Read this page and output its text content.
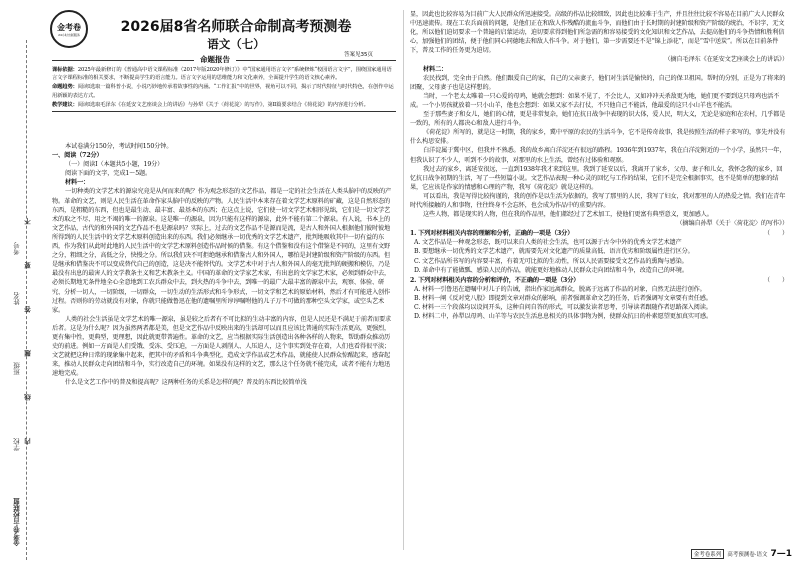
考号
姓名
班级
学校
金考卷·百校联盟
不
要
答
题
线
内
金考卷
24小时出版服务	2026届8省名师联合命制高考预测卷
语文（七）
答案见35页
命题报告
课标依据：2025年最新修订的《普通高中语文课程标准（2017年版2020年修订）》中“国家通用语言文字”系统修炼“校园语言文字”，围绕国家通用语言文字课程标准的相关要求，不断提高学生的语言能力。语言文字运用的思维能力和文化素养，全面提升学生的语文核心素养。
命题趋势：阅读Ⅰ选取一篇科普小说，小说巧妙地传承着故事性的内涵。“工作汇报”中的世界，视角可以不同，揭示了时代特征与时代特色，在创作中运用新颖的表达方式。
教学建议：阅读Ⅰ选取毛泽东《在延安文艺座谈会上的讲话》与孙犁《关于〈荷花淀〉的写作》，第Ⅱ篇要求结合《荷花淀》的内容进行分析。

本试卷满分150分，考试时间150分钟。

一、阅读（72分）

（一）阅读Ⅰ（本题共5小题，19分）

阅读下面的文字，完成1～5题。

材料一：

一切种类的文学艺术的源泉究竟是从何而来的呢？作为观念形态的文艺作品，都是一定的社会生活在人类头脑中的反映的产物。革命的文艺，则是人民生活在革命作家头脑中的反映的产物。人民生活中本来存在着文学艺术原料的矿藏，这是自然形态的东西，是粗糙的东西，但也是最生动、最丰富、最基本的东西；在这点上说，它们使一切文学艺术相形见绌，它们是一切文学艺术的取之不尽、用之不竭的唯一的源泉。这是唯一的源泉，因为只能有这样的源泉，此外不能有第二个源泉。有人说，书本上的文艺作品，古代的和外国的文艺作品不也是源泉吗？实际上，过去的文艺作品不是源而是流，是古人和外国人根据他们彼时彼地所得到的人民生活中的文学艺术原料创造出来的东西。我们必须继承一切优秀的文学艺术遗产，批判地吸收其中一切有益的东西，作为我们从此时此地的人民生活中的文学艺术原料创造作品时候的借鉴。有这个借鉴和没有这个借鉴是不同的，这里有文野之分，粗细之分，高低之分，快慢之分。所以我们决不可拒绝继承和借鉴古人和外国人，哪怕是封建阶级和资产阶级的东西。但是继承和借鉴决不可以变成替代自己的创造，这是决不能替代的。文学艺术中对于古人和外国人的毫无批判的硬搬和模仿，乃是最没有出息的最害人的文学教条主义和艺术教条主义。中国的革命的文学家艺术家，有出息的文学家艺术家，必须到群众中去，必须长期地无条件地全心全意地到工农兵群众中去，到火热的斗争中去，到唯一的最广大最丰富的源泉中去，观察、体验、研究、分析一切人，一切阶级，一切群众，一切生动的生活形式和斗争形式，一切文学和艺术的原始材料，然后才有可能进入创作过程。否则你的劳动就没有对象，你就只能做鲁迅在他的遗嘱里所谆谆嘱咐他的儿子万不可做的那种空头文学家，或空头艺术家。

人类的社会生活虽是文学艺术的唯一源泉，虽是较之后者有不可比拟的生动丰富的内容，但是人民还是不满足于前者而要求后者。这是为什么呢？因为虽然两者都是美，但是文艺作品中反映出来的生活却可以而且应该比普通的实际生活更高，更强烈，更有集中性，更典型，更理想，因此就更带普遍性。革命的文艺，应当根据实际生活创造出各种各样的人物来，帮助群众推动历史的前进。例如一方面是人们受饿、受冻、受压迫，一方面是人剥削人、人压迫人，这个事实到处存在着，人们也看得很平淡；文艺就把这种日常的现象集中起来，把其中的矛盾和斗争典型化，造成文学作品或艺术作品，就能使人民群众惊醒起来，感奋起来，推动人民群众走向团结和斗争，实行改造自己的环境。如果没有这样的文艺，那么这个任务就不能完成，或者不能有力地迅速地完成。

什么是文艺工作中的普及和提高呢？这两种任务的关系是怎样的呢？普及的东西比较简单浅

显，因此也比较容易为目前广大人民群众所迅速接受。高级的作品比较细致，因此也比较难于生产，并且往往比较不容易在目前广大人民群众中迅速流传。现在工农兵面前的问题，是他们正在和敌人作残酷的流血斗争，而他们由于长时期的封建阶级和资产阶级的统治，不识字，无文化，所以他们迫切要求一个普遍的启蒙运动，迫切要求得到他们所急需的和容易接受的文化知识和文艺作品，去提高他们的斗争热情和胜利信心，加强他们的团结，便于他们同心同德地去和敌人作斗争。对于他们，第一步需要还不是“锦上添花”，而是“雪中送炭”。所以在目前条件下，普及工作的任务更为迫切。

（摘自毛泽东《在延安文艺座谈会上的讲话》）

材料二：

农民找到，完全由于自然。他们跟爱自己的家，自己的父亲妻子，他们对生活是愉快的，自己的保卫祖国。帮时的分别，正是为了将来的团聚，父母妻子也是这样想的。

当时，一个老太太唯着一只心爱的母鸡，她就会想到：如果不见了，不会比人，又如冲冲天杀敌更为地，她们更不要到这只母鸡也活不成。一个小男孩就放着一只小山羊，他也会想到：如果又家不去打仗，不只他自己不能活，他最爱的这只小山羊也不能活。

至于那些妻子和女儿，她们的心情，更是非常复杂，她们在抗日战争中表现的识大体，爱人民，明大义，无论是家庭和在农村，几乎都是一致的，所有的人都决心和敌人进行斗争。

《荷花淀》所写的，就是这一时期，我的家乡，冀中平原的农民的生活斗争，它不是传奇故事，我是按照生活的样子来写的，事先并没有什么构思安排。

白洋淀属于冀中区，但我并不熟悉。我的故乡离白洋淀还有很远的路程。1936年到1937年，我在白洋淀附近的一个小学，虽然只一年，但我认识了不少人，听到不少的故事，对那里的水上生活，曾经有过体验和观察。

我过去的家乡，离延安很远，一直到1938年我才来到这里。我到了延安以后，我离开了家乡，父母、妻子和儿女，我怀念我的家乡，回忆抗日战争初期的生活，写了一些短篇小说。文艺作品表现一种心灵的回忆与工作的结果，它们不是完全根据事实，也不是简单的想象的结果，它应该是作家的情感和心理的产物，我写《荷花淀》就是这样的。

可以看出，我是写得比较拘谨的，我的创作是以生活为依据的，我写了那里的人民，我写了妇女，我对那里的人的热爱之情。我们在青年时代所接触的人和事物，往往终身不会忘怀，也会成为作品中的重要内容。

这些人物，都是现实的人物，但在我的作品里，他们都经过了艺术加工，使他们更富有典型意义，更加感人。

（摘编自孙犁《关于〈荷花淀〉的写作》）

1. 下列对材料相关内容的理解和分析，正确的一项是（3分）	（　　）

A. 文艺作品是一种观念形态，既可以来自人类的社会生活，也可以源于古今中外的优秀文学艺术遗产

B. 要想继承一切优秀的文学艺术遗产，就需要先对文化遗产的质量高低、语言优劣和阶级属性进行区分。

C. 文艺作品所书写的内容要丰富，有着无可比拟的生动性，所以人民需要接受文艺作品的熏陶与感染。

D. 革命中有了能做瓢、感染人民的作品，就能更好地推动人民群众走向团结和斗争，改造自己的环境。

2. 下列对材料相关内容的分析和评价，不正确的一项是（3分）	（　　）

A. 材料一引鲁迅在遗嘱中对儿子的告诫，指出作家远离群众，脱离于远离了作品的对象，自然无法进行创作。

B. 材料一阐《反对党八股》即提到文章对群众的影响，前者强调革命文艺的任务，后者强调写文章要有责任感。

C. 材料一三个段落均以设问开头，这种自问自答的形式，可以激发读者思考，引导读者跟随作者思路深入阅读。

D. 材料二中，孙犁以母鸡、山羊等与农民生活息息相关的具体事物为例，使群众抗日的朴素愿望更加真实可感。

金考卷系列	高考预测卷·语文 7—1
